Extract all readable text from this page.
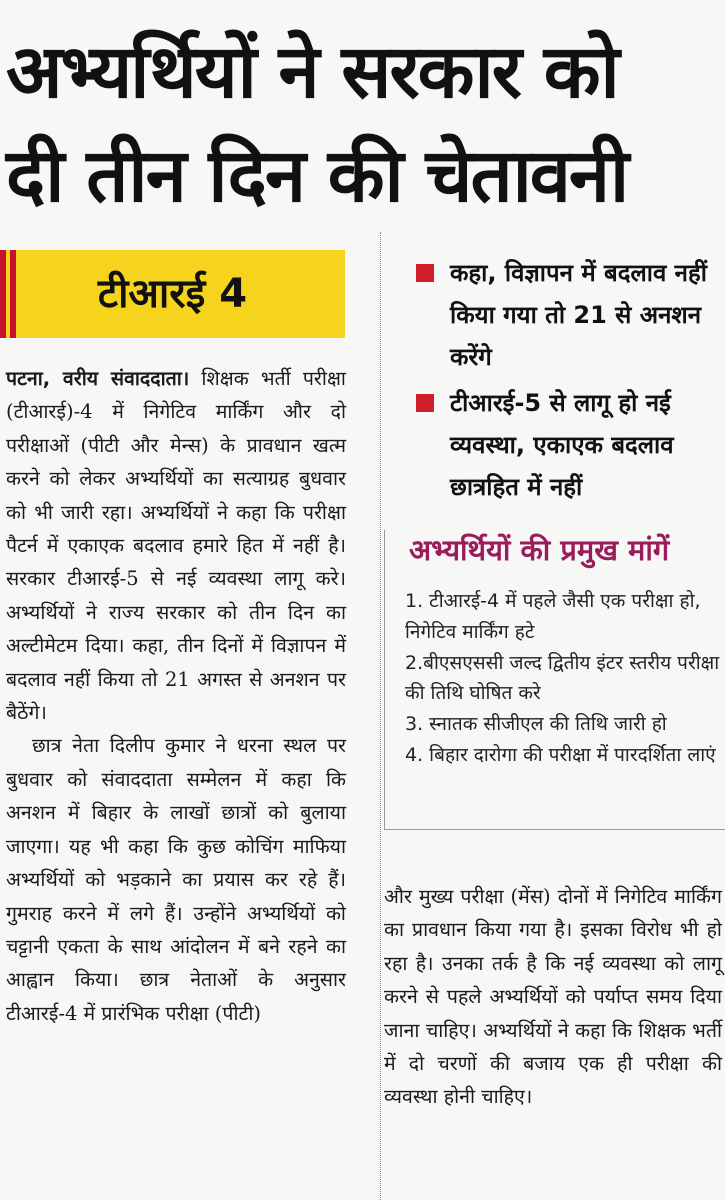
अभ्यर्थियों ने सरकार को
दी तीन दिन की चेतावनी
टीआरई 4

पटना, वरीय संवाददाता। शिक्षक भर्ती परीक्षा (टीआरई)-4 में निगेटिव मार्किंग और दो परीक्षाओं (पीटी और मेन्स) के प्रावधान खत्म करने को लेकर अभ्यर्थियों का सत्याग्रह बुधवार को भी जारी रहा। अभ्यर्थियों ने कहा कि परीक्षा पैटर्न में एकाएक बदलाव हमारे हित में नहीं है। सरकार टीआरई-5 से नई व्यवस्था लागू करे। अभ्यर्थियों ने राज्य सरकार को तीन दिन का अल्टीमेटम दिया। कहा, तीन दिनों में विज्ञापन में बदलाव नहीं किया तो 21 अगस्त से अनशन पर बैठेंगे।

छात्र नेता दिलीप कुमार ने धरना स्थल पर बुधवार को संवाददाता सम्मेलन में कहा कि अनशन में बिहार के लाखों छात्रों को बुलाया जाएगा। यह भी कहा कि कुछ कोचिंग माफिया अभ्यर्थियों को भड़काने का प्रयास कर रहे हैं। गुमराह करने में लगे हैं। उन्होंने अभ्यर्थियों को चट्टानी एकता के साथ आंदोलन में बने रहने का आह्वान किया। छात्र नेताओं के अनुसार टीआरई-4 में प्रारंभिक परीक्षा (पीटी)

कहा, विज्ञापन में बदलाव नहीं किया गया तो 21 से अनशन करेंगे
टीआरई-5 से लागू हो नई व्यवस्था, एकाएक बदलाव छात्रहित में नहीं
अभ्यर्थियों की प्रमुख मांगें
1. टीआरई-4 में पहले जैसी एक परीक्षा हो, निगेटिव मार्किंग हटे
2.बीएसएससी जल्द द्वितीय इंटर स्तरीय परीक्षा की तिथि घोषित करे
3. स्नातक सीजीएल की तिथि जारी हो
4. बिहार दारोगा की परीक्षा में पारदर्शिता लाएं

और मुख्य परीक्षा (मेंस) दोनों में निगेटिव मार्किंग का प्रावधान किया गया है। इसका विरोध भी हो रहा है। उनका तर्क है कि नई व्यवस्था को लागू करने से पहले अभ्यर्थियों को पर्याप्त समय दिया जाना चाहिए। अभ्यर्थियों ने कहा कि शिक्षक भर्ती में दो चरणों की बजाय एक ही परीक्षा की व्यवस्था होनी चाहिए।
